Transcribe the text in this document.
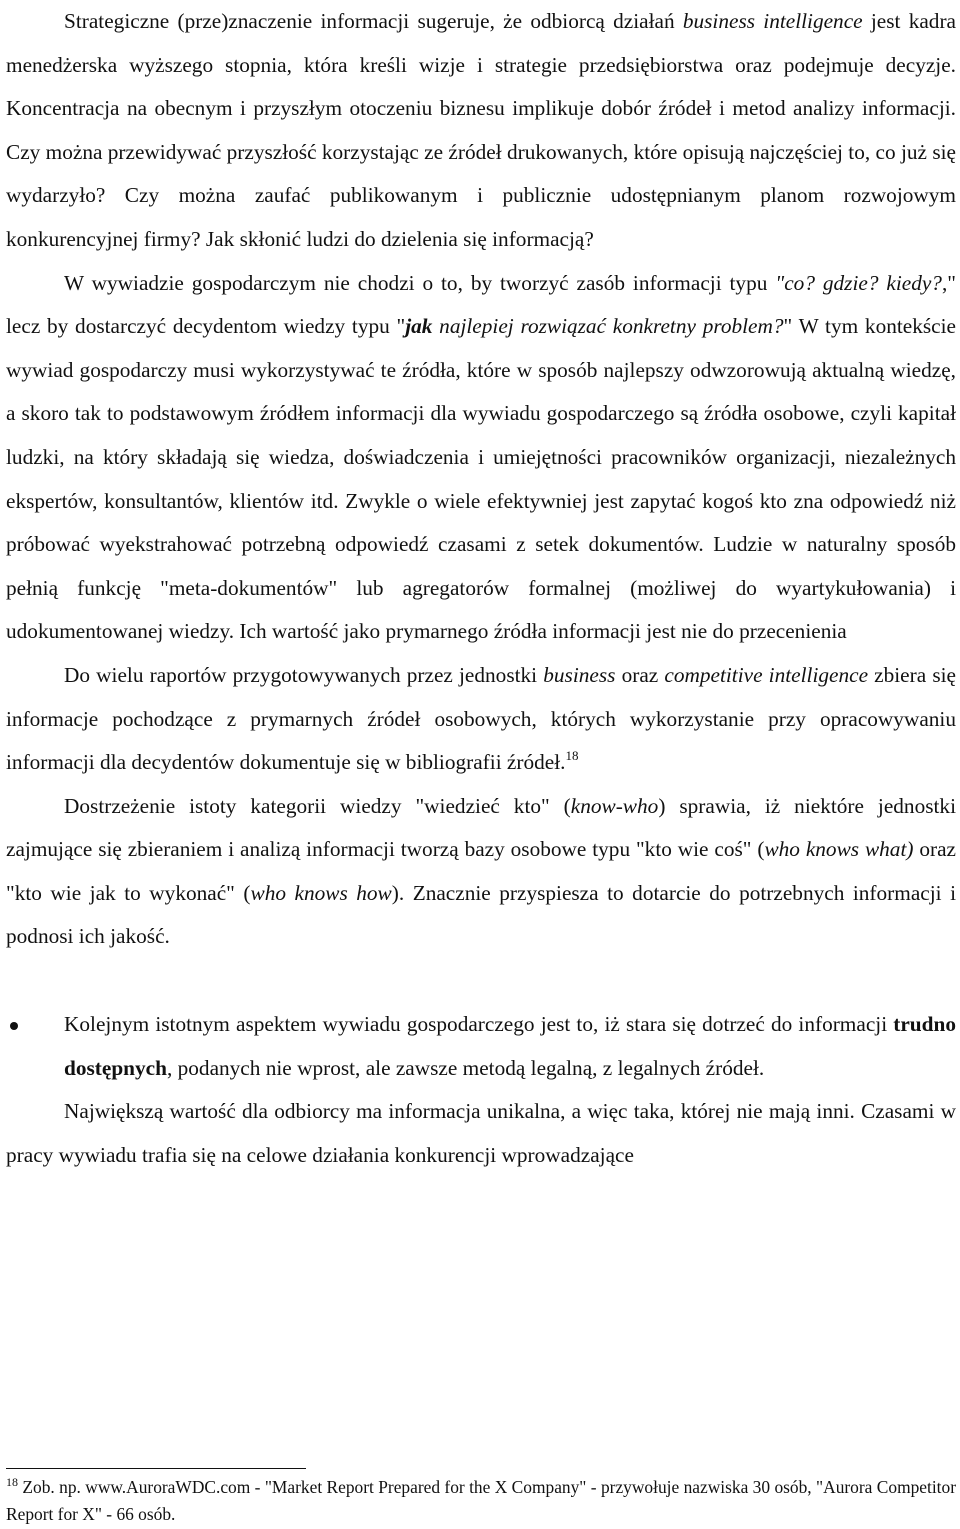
Strategiczne (prze)znaczenie informacji sugeruje, że odbiorcą działań business intelligence jest kadra menedżerska wyższego stopnia, która kreśli wizje i strategie przedsiębiorstwa oraz podejmuje decyzje. Koncentracja na obecnym i przyszłym otoczeniu biznesu implikuje dobór źródeł i metod analizy informacji. Czy można przewidywać przyszłość korzystając ze źródeł drukowanych, które opisują najczęściej to, co już się wydarzyło? Czy można zaufać publikowanym i publicznie udostępnianym planom rozwojowym konkurencyjnej firmy? Jak skłonić ludzi do dzielenia się informacją?

W wywiadzie gospodarczym nie chodzi o to, by tworzyć zasób informacji typu "co? gdzie? kiedy?," lecz by dostarczyć decydentom wiedzy typu "jak najlepiej rozwiązać konkretny problem?" W tym kontekście wywiad gospodarczy musi wykorzystywać te źródła, które w sposób najlepszy odwzorowują aktualną wiedzę, a skoro tak to podstawowym źródłem informacji dla wywiadu gospodarczego są źródła osobowe, czyli kapitał ludzki, na który składają się wiedza, doświadczenia i umiejętności pracowników organizacji, niezależnych ekspertów, konsultantów, klientów itd. Zwykle o wiele efektywniej jest zapytać kogoś kto zna odpowiedź niż próbować wyekstrahować potrzebną odpowiedź czasami z setek dokumentów. Ludzie w naturalny sposób pełnią funkcję "meta-dokumentów" lub agregatorów formalnej (możliwej do wyartykułowania) i udokumentowanej wiedzy. Ich wartość jako prymarnego źródła informacji jest nie do przecenienia

Do wielu raportów przygotowywanych przez jednostki business oraz competitive intelligence zbiera się informacje pochodzące z prymarnych źródeł osobowych, których wykorzystanie przy opracowywaniu informacji dla decydentów dokumentuje się w bibliografii źródeł.$^{18}$

Dostrzeżenie istoty kategorii wiedzy "wiedzieć kto" (know-who) sprawia, iż niektóre jednostki zajmujące się zbieraniem i analizą informacji tworzą bazy osobowe typu "kto wie coś" (who knows what) oraz "kto wie jak to wykonać" (who knows how). Znacznie przyspiesza to dotarcie do potrzebnych informacji i podnosi ich jakość.

Kolejnym istotnym aspektem wywiadu gospodarczego jest to, iż stara się dotrzeć do informacji trudno dostępnych, podanych nie wprost, ale zawsze metodą legalną, z legalnych źródeł.

Największą wartość dla odbiorcy ma informacja unikalna, a więc taka, której nie mają inni. Czasami w pracy wywiadu trafia się na celowe działania konkurencji wprowadzające

$^{18}$ Zob. np. www.AuroraWDC.com - "Market Report Prepared for the X Company" - przywołuje nazwiska 30 osób, "Aurora Competitor Report for X" - 66 osób.
